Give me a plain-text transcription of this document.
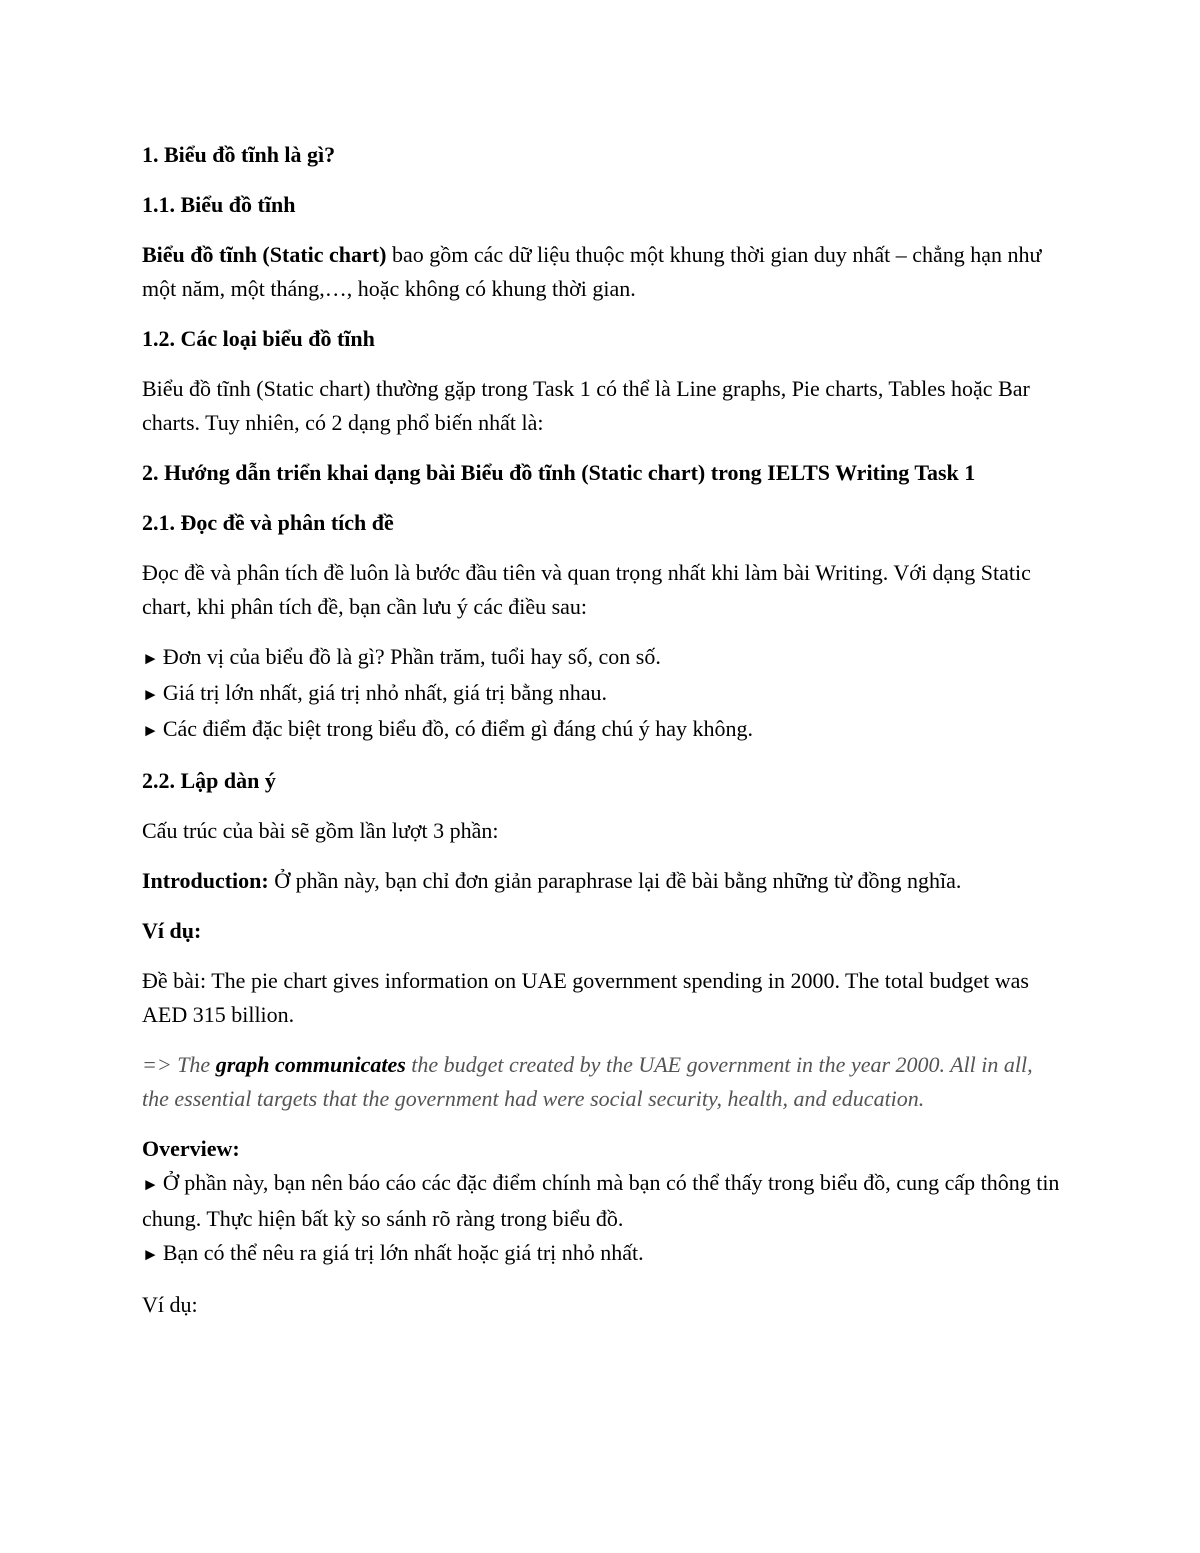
1. Biểu đồ tĩnh là gì?

1.1. Biểu đồ tĩnh

Biểu đồ tĩnh (Static chart) bao gồm các dữ liệu thuộc một khung thời gian duy nhất – chẳng hạn như một năm, một tháng,…, hoặc không có khung thời gian.

1.2. Các loại biểu đồ tĩnh

Biểu đồ tĩnh (Static chart) thường gặp trong Task 1 có thể là Line graphs, Pie charts, Tables hoặc Bar charts. Tuy nhiên, có 2 dạng phổ biến nhất là:

2. Hướng dẫn triển khai dạng bài Biểu đồ tĩnh (Static chart) trong IELTS Writing Task 1

2.1. Đọc đề và phân tích đề

Đọc đề và phân tích đề luôn là bước đầu tiên và quan trọng nhất khi làm bài Writing. Với dạng Static chart, khi phân tích đề, bạn cần lưu ý các điều sau:

► Đơn vị của biểu đồ là gì? Phần trăm, tuổi hay số, con số.
► Giá trị lớn nhất, giá trị nhỏ nhất, giá trị bằng nhau.
► Các điểm đặc biệt trong biểu đồ, có điểm gì đáng chú ý hay không.

2.2. Lập dàn ý

Cấu trúc của bài sẽ gồm lần lượt 3 phần:

Introduction: Ở phần này, bạn chỉ đơn giản paraphrase lại đề bài bằng những từ đồng nghĩa.

Ví dụ:

Đề bài: The pie chart gives information on UAE government spending in 2000. The total budget was AED 315 billion.

=> The graph communicates the budget created by the UAE government in the year 2000. All in all, the essential targets that the government had were social security, health, and education.

Overview:
► Ở phần này, bạn nên báo cáo các đặc điểm chính mà bạn có thể thấy trong biểu đồ, cung cấp thông tin chung. Thực hiện bất kỳ so sánh rõ ràng trong biểu đồ.
► Bạn có thể nêu ra giá trị lớn nhất hoặc giá trị nhỏ nhất.

Ví dụ:
